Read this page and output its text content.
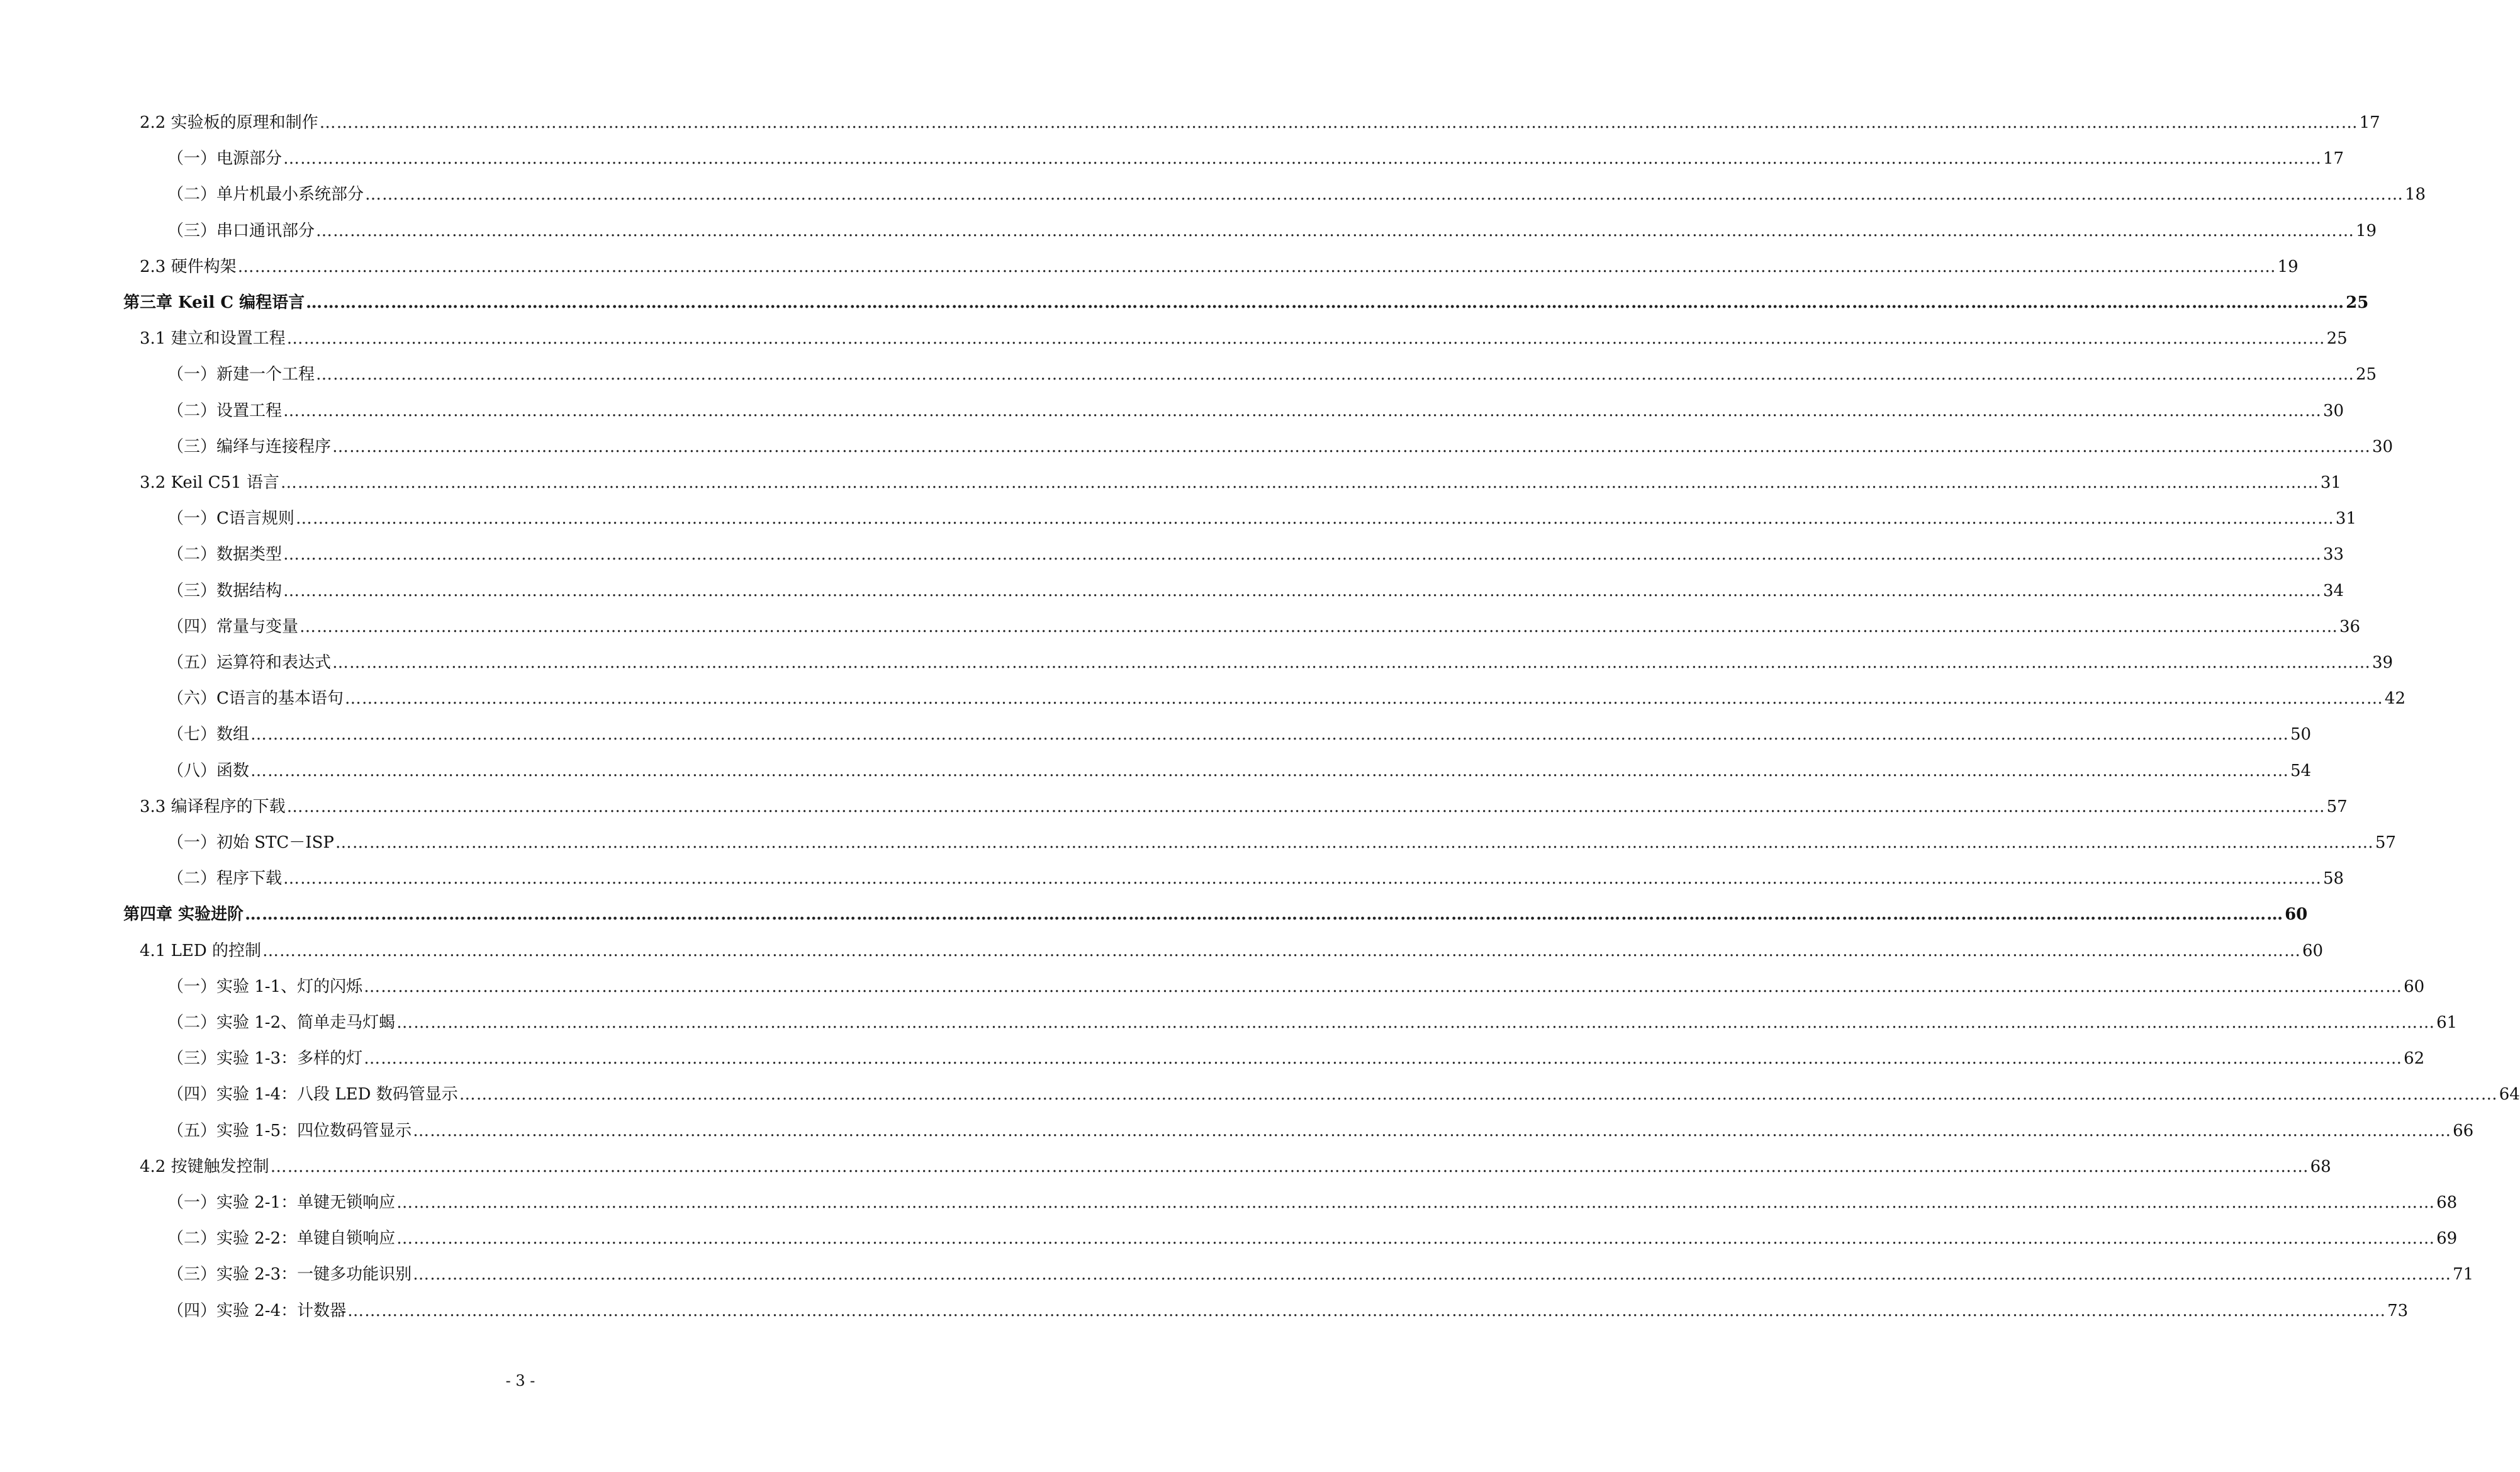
2.2 实验板的原理和制作 ……………………………………………………………………………………………………………………………………………………………………………………………………………………………………………………………………………………………………………………………… 17
（一）电源部分 ……………………………………………………………………………………………………………………………………………………………………………………………………………………………………………………………………………………………………………………………… 17
（二）单片机最小系统部分 ……………………………………………………………………………………………………………………………………………………………………………………………………………………………………………………………………………………………………………………………… 18
（三）串口通讯部分 ……………………………………………………………………………………………………………………………………………………………………………………………………………………………………………………………………………………………………………………………… 19
2.3 硬件构架 ……………………………………………………………………………………………………………………………………………………………………………………………………………………………………………………………………………………………………………………………… 19
第三章 Keil C 编程语言 ……………………………………………………………………………………………………………………………………………………………………………………………………………………………………………………………………………………………………………………………… 25
3.1 建立和设置工程 ……………………………………………………………………………………………………………………………………………………………………………………………………………………………………………………………………………………………………………………………… 25
（一）新建一个工程 ……………………………………………………………………………………………………………………………………………………………………………………………………………………………………………………………………………………………………………………………… 25
（二）设置工程 ……………………………………………………………………………………………………………………………………………………………………………………………………………………………………………………………………………………………………………………………… 30
（三）编绎与连接程序 ……………………………………………………………………………………………………………………………………………………………………………………………………………………………………………………………………………………………………………………………… 30
3.2 Keil C51 语言 ……………………………………………………………………………………………………………………………………………………………………………………………………………………………………………………………………………………………………………………………… 31
（一）C语言规则 ……………………………………………………………………………………………………………………………………………………………………………………………………………………………………………………………………………………………………………………………… 31
（二）数据类型 ……………………………………………………………………………………………………………………………………………………………………………………………………………………………………………………………………………………………………………………………… 33
（三）数据结构 ……………………………………………………………………………………………………………………………………………………………………………………………………………………………………………………………………………………………………………………………… 34
（四）常量与变量 ……………………………………………………………………………………………………………………………………………………………………………………………………………………………………………………………………………………………………………………………… 36
（五）运算符和表达式 ……………………………………………………………………………………………………………………………………………………………………………………………………………………………………………………………………………………………………………………………… 39
（六）C语言的基本语句 ……………………………………………………………………………………………………………………………………………………………………………………………………………………………………………………………………………………………………………………………… 42
（七）数组 ……………………………………………………………………………………………………………………………………………………………………………………………………………………………………………………………………………………………………………………………… 50
（八）函数 ……………………………………………………………………………………………………………………………………………………………………………………………………………………………………………………………………………………………………………………………… 54
3.3 编译程序的下载 ……………………………………………………………………………………………………………………………………………………………………………………………………………………………………………………………………………………………………………………………… 57
（一）初始 STC－ISP ……………………………………………………………………………………………………………………………………………………………………………………………………………………………………………………………………………………………………………………………… 57
（二）程序下载 ……………………………………………………………………………………………………………………………………………………………………………………………………………………………………………………………………………………………………………………………… 58
第四章 实验进阶 ……………………………………………………………………………………………………………………………………………………………………………………………………………………………………………………………………………………………………………………………… 60
4.1 LED 的控制 ……………………………………………………………………………………………………………………………………………………………………………………………………………………………………………………………………………………………………………………………… 60
（一）实验 1-1、灯的闪烁 ……………………………………………………………………………………………………………………………………………………………………………………………………………………………………………………………………………………………………………………………… 60
（二）实验 1-2、简单走马灯蝎 ……………………………………………………………………………………………………………………………………………………………………………………………………………………………………………………………………………………………………………………………… 61
（三）实验 1-3：多样的灯 ……………………………………………………………………………………………………………………………………………………………………………………………………………………………………………………………………………………………………………………………… 62
（四）实验 1-4：八段 LED 数码管显示 ……………………………………………………………………………………………………………………………………………………………………………………………………………………………………………………………………………………………………………………………… 64
（五）实验 1-5：四位数码管显示 ……………………………………………………………………………………………………………………………………………………………………………………………………………………………………………………………………………………………………………………………… 66
4.2 按键触发控制 ……………………………………………………………………………………………………………………………………………………………………………………………………………………………………………………………………………………………………………………………… 68
（一）实验 2-1：单键无锁响应 ……………………………………………………………………………………………………………………………………………………………………………………………………………………………………………………………………………………………………………………………… 68
（二）实验 2-2：单键自锁响应 ……………………………………………………………………………………………………………………………………………………………………………………………………………………………………………………………………………………………………………………………… 69
（三）实验 2-3：一键多功能识别 ……………………………………………………………………………………………………………………………………………………………………………………………………………………………………………………………………………………………………………………………… 71
（四）实验 2-4：计数器 ……………………………………………………………………………………………………………………………………………………………………………………………………………………………………………………………………………………………………………………………… 73
- 3 -
